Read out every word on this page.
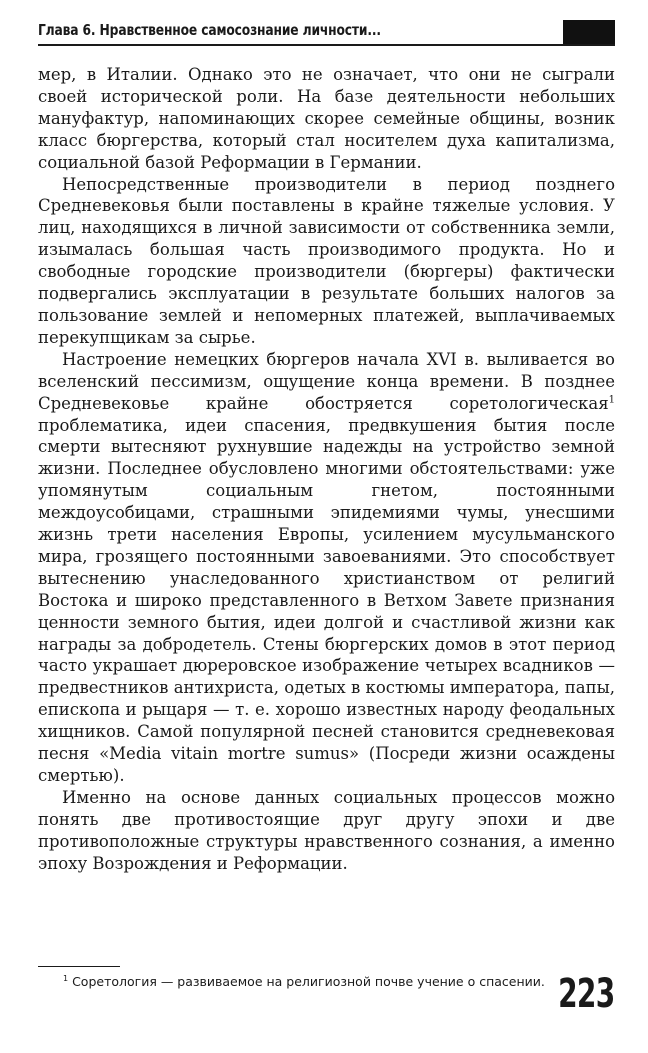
Глава 6. Нравственное самосознание личности...

мер, в Италии. Однако это не означает, что они не сыграли своей исторической роли. На базе деятельности небольших мануфактур, напоминающих скорее семейные общины, возник класс бюргерства, который стал носителем духа капитализма, социальной базой Реформации в Германии.

Непосредственные производители в период позднего Средневековья были поставлены в крайне тяжелые условия. У лиц, находящихся в личной зависимости от собственника земли, изымалась большая часть производимого продукта. Но и свободные городские производители (бюргеры) фактически подвергались эксплуатации в результате больших налогов за пользование землей и непомерных платежей, выплачиваемых перекупщикам за сырье.

Настроение немецких бюргеров начала XVI в. выливается во вселенский пессимизм, ощущение конца времени. В позднее Средневековье крайне обостряется соретологическая$^1$ проблематика, идеи спасения, предвкушения бытия после смерти вытесняют рухнувшие надежды на устройство земной жизни. Последнее обусловлено многими обстоятельствами: уже упомянутым социальным гнетом, постоянными междоусобицами, страшными эпидемиями чумы, унесшими жизнь трети населения Европы, усилением мусульманского мира, грозящего постоянными завоеваниями. Это способствует вытеснению унаследованного христианством от религий Востока и широко представленного в Ветхом Завете признания ценности земного бытия, идеи долгой и счастливой жизни как награды за добродетель. Стены бюргерских домов в этот период часто украшает дюреровское изображение четырех всадников — предвестников антихриста, одетых в костюмы императора, папы, епископа и рыцаря — т. е. хорошо известных народу феодальных хищников. Самой популярной песней становится средневековая песня «Media vitain mortre sumus» (Посреди жизни осаждены смертью).

Именно на основе данных социальных процессов можно понять две противостоящие друг другу эпохи и две противоположные структуры нравственного сознания, а именно эпоху Возрождения и Реформации.

$^1$ Соретология — развиваемое на религиозной почве учение о спасении. 223
